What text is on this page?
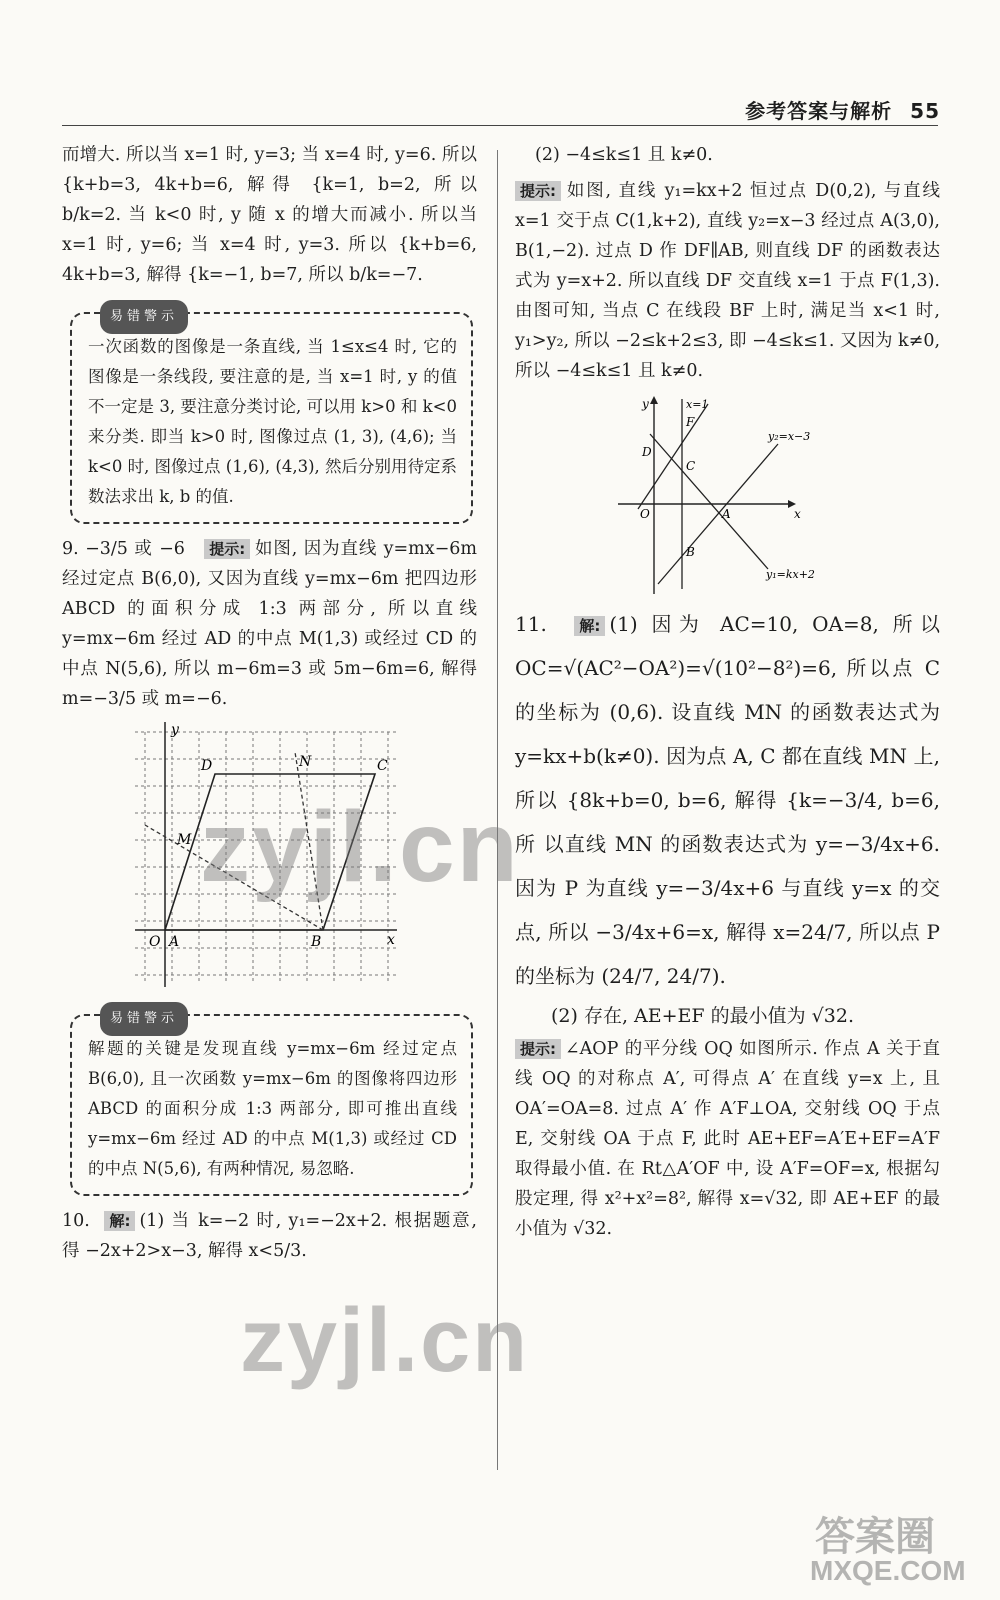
参考答案与解析 55

而增大. 所以当 x=1 时, y=3; 当 x=4 时, y=6. 所以 {k+b=3, 4k+b=6, 解得 {k=1, b=2, 所以 b/k=2. 当 k<0 时, y 随 x 的增大而减小. 所以当 x=1 时, y=6; 当 x=4 时, y=3. 所以 {k+b=6, 4k+b=3, 解得 {k=−1, b=7, 所以 b/k=−7.

易错警示

一次函数的图像是一条直线, 当 1≤x≤4 时, 它的图像是一条线段, 要注意的是, 当 x=1 时, y 的值不一定是 3, 要注意分类讨论, 可以用 k>0 和 k<0 来分类. 即当 k>0 时, 图像过点 (1, 3), (4,6); 当 k<0 时, 图像过点 (1,6), (4,3), 然后分别用待定系数法求出 k, b 的值.

9. −3/5 或 −6 提示: 如图, 因为直线 y=mx−6m 经过定点 B(6,0), 又因为直线 y=mx−6m 把四边形 ABCD 的面积分成 1:3 两部分, 所以直线 y=mx−6m 经过 AD 的中点 M(1,3) 或经过 CD 的中点 N(5,6), 所以 m−6m=3 或 5m−6m=6, 解得 m=−3/5 或 m=−6.

y
x
O A	B
C
D
M
N
易错警示

解题的关键是发现直线 y=mx−6m 经过定点 B(6,0), 且一次函数 y=mx−6m 的图像将四边形 ABCD 的面积分成 1:3 两部分, 即可推出直线 y=mx−6m 经过 AD 的中点 M(1,3) 或经过 CD 的中点 N(5,6), 有两种情况, 易忽略.

10. 解: (1) 当 k=−2 时, y₁=−2x+2. 根据题意, 得 −2x+2>x−3, 解得 x<5/3.

(2) −4≤k≤1 且 k≠0.

提示: 如图, 直线 y₁=kx+2 恒过点 D(0,2), 与直线 x=1 交于点 C(1,k+2), 直线 y₂=x−3 经过点 A(3,0), B(1,−2). 过点 D 作 DF∥AB, 则直线 DF 的函数表达式为 y=x+2. 所以直线 DF 交直线 x=1 于点 F(1,3). 由图可知, 当点 C 在线段 BF 上时, 满足当 x<1 时, y₁>y₂, 所以 −2≤k+2≤3, 即 −4≤k≤1. 又因为 k≠0, 所以 −4≤k≤1 且 k≠0.

y
x
x=1
F
D
C
O	A
B
y₂=x−3
y₁=kx+2

11. 解: (1) 因为 AC=10, OA=8, 所以 OC=√(AC²−OA²)=√(10²−8²)=6, 所以点 C 的坐标为 (0,6). 设直线 MN 的函数表达式为 y=kx+b(k≠0). 因为点 A, C 都在直线 MN 上, 所以 {8k+b=0, b=6, 解得 {k=−3/4, b=6, 所 以直线 MN 的函数表达式为 y=−3/4x+6. 因为 P 为直线 y=−3/4x+6 与直线 y=x 的交点, 所以 −3/4x+6=x, 解得 x=24/7, 所以点 P 的坐标为 (24/7, 24/7).

(2) 存在, AE+EF 的最小值为 √32.

提示: ∠AOP 的平分线 OQ 如图所示. 作点 A 关于直线 OQ 的对称点 A′, 可得点 A′ 在直线 y=x 上, 且 OA′=OA=8. 过点 A′ 作 A′F⊥OA, 交射线 OQ 于点 E, 交射线 OA 于点 F, 此时 AE+EF=A′E+EF=A′F 取得最小值. 在 Rt△A′OF 中, 设 A′F=OF=x, 根据勾股定理, 得 x²+x²=8², 解得 x=√32, 即 AE+EF 的最小值为 √32.

zyjl.cn
zyjl.cn
答案圈
MXQE.COM
